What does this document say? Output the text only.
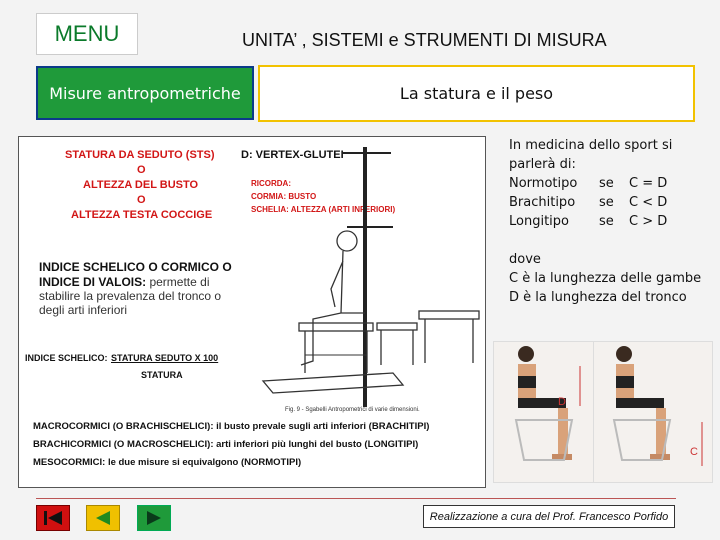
MENU	UNITA’ , SISTEMI e STRUMENTI DI MISURA
Misure antropometriche	La statura e il peso
STATURA DA SEDUTO (STS)
O
ALTEZZA DEL BUSTO
O
ALTEZZA TESTA COCCIGE
D: VERTEX-GLUTEI
RICORDA:
CORMIA: BUSTO
SCHELIA: ALTEZZA (ARTI INFERIORI)
INDICE SCHELICO O CORMICO O
INDICE DI VALOIS: permette di
stabilire la prevalenza del tronco o
degli arti inferiori
INDICE SCHELICO: STATURA SEDUTO X 100
STATURA
Fig. 9 - Sgabelli Antropometrici di varie dimensioni.
MACROCORMICI (O BRACHISCHELICI): il busto prevale sugli arti inferiori (BRACHITIPI)
BRACHICORMICI (O MACROSCHELICI): arti inferiori più lunghi del busto (LONGITIPI)
MESOCORMICI: le due misure si equivalgono (NORMOTIPI)
In medicina dello sport si
parlerà di:
Normotipo se C = D
Brachitipo se C < D
Longitipo se C > D
dove
C è la lunghezza delle gambe
D è la lunghezza del tronco
D
C
Realizzazione a cura del Prof. Francesco Porfido
